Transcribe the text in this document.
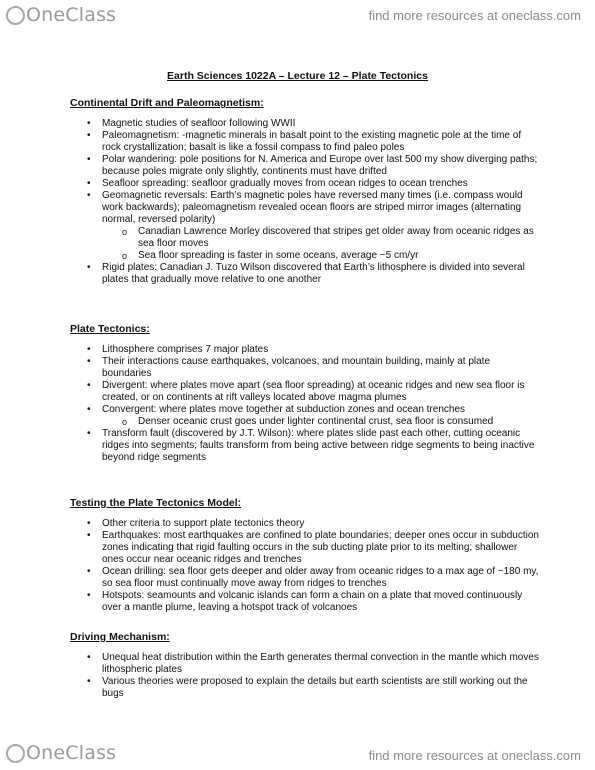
OneClass	find more resources at oneclass.com
Earth Sciences 1022A – Lecture 12 – Plate Tectonics
Continental Drift and Paleomagnetism:
• Magnetic studies of seafloor following WWII
• Paleomagnetism: -magnetic minerals in basalt point to the existing magnetic pole at the time of rock crystallization; basalt is like a fossil compass to find paleo poles
• Polar wandering: pole positions for N. America and Europe over last 500 my show diverging paths; because poles migrate only slightly, continents must have drifted
• Seafloor spreading: seafloor gradually moves from ocean ridges to ocean trenches
• Geomagnetic reversals: Earth’s magnetic poles have reversed many times (i.e. compass would work backwards); paleomagnetism revealed ocean floors are striped mirror images (alternating normal, reversed polarity)
o Canadian Lawrence Morley discovered that stripes get older away from oceanic ridges as sea floor moves
o Sea floor spreading is faster in some oceans, average ~5 cm/yr
• Rigid plates: Canadian J. Tuzo Wilson discovered that Earth’s lithosphere is divided into several plates that gradually move relative to one another
Plate Tectonics:
• Lithosphere comprises 7 major plates
• Their interactions cause earthquakes, volcanoes, and mountain building, mainly at plate boundaries
• Divergent: where plates move apart (sea floor spreading) at oceanic ridges and new sea floor is created, or on continents at rift valleys located above magma plumes
• Convergent: where plates move together at subduction zones and ocean trenches
o Denser oceanic crust goes under lighter continental crust, sea floor is consumed
• Transform fault (discovered by J.T. Wilson): where plates slide past each other, cutting oceanic ridges into segments; faults transform from being active between ridge segments to being inactive beyond ridge segments
Testing the Plate Tectonics Model:
• Other criteria to support plate tectonics theory
• Earthquakes: most earthquakes are confined to plate boundaries; deeper ones occur in subduction zones indicating that rigid faulting occurs in the sub ducting plate prior to its melting; shallower ones occur near oceanic ridges and trenches
• Ocean drilling: sea floor gets deeper and older away from oceanic ridges to a max age of ~180 my, so sea floor must continually move away from ridges to trenches
• Hotspots: seamounts and volcanic islands can form a chain on a plate that moved continuously over a mantle plume, leaving a hotspot track of volcanoes
Driving Mechanism:
• Unequal heat distribution within the Earth generates thermal convection in the mantle which moves lithospheric plates
• Various theories were proposed to explain the details but earth scientists are still working out the bugs
OneClass	find more resources at oneclass.com
